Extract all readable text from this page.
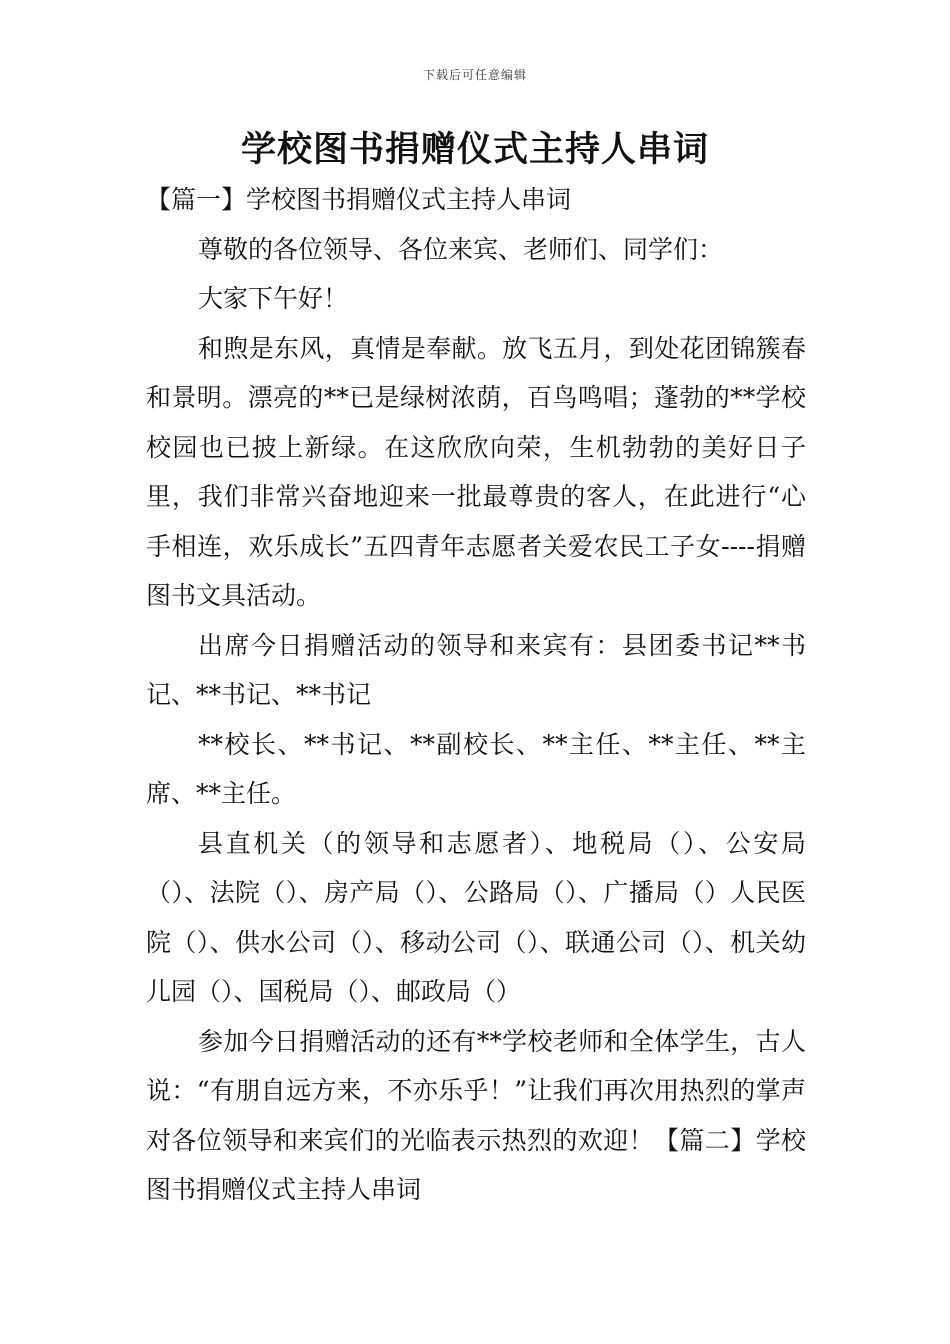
下载后可任意编辑
学校图书捐赠仪式主持人串词

【篇一】学校图书捐赠仪式主持人串词

尊敬的各位领导、各位来宾、老师们、同学们：

大家下午好！

和煦是东风，真情是奉献。放飞五月，到处花团锦簇春和景明。漂亮的**已是绿树浓荫，百鸟鸣唱；蓬勃的**学校校园也已披上新绿。在这欣欣向荣，生机勃勃的美好日子里，我们非常兴奋地迎来一批最尊贵的客人，在此进行“心手相连，欢乐成长”五四青年志愿者关爱农民工子女----捐赠图书文具活动。

出席今日捐赠活动的领导和来宾有：县团委书记**书记、**书记、**书记

**校长、**书记、**副校长、**主任、**主任、**主席、**主任。

县直机关（的领导和志愿者）、地税局（）、公安局（）、法院（）、房产局（）、公路局（）、广播局（）人民医院（）、供水公司（）、移动公司（）、联通公司（）、机关幼儿园（）、国税局（）、邮政局（）

参加今日捐赠活动的还有**学校老师和全体学生，古人说：“有朋自远方来，不亦乐乎！”让我们再次用热烈的掌声对各位领导和来宾们的光临表示热烈的欢迎！【篇二】学校图书捐赠仪式主持人串词
